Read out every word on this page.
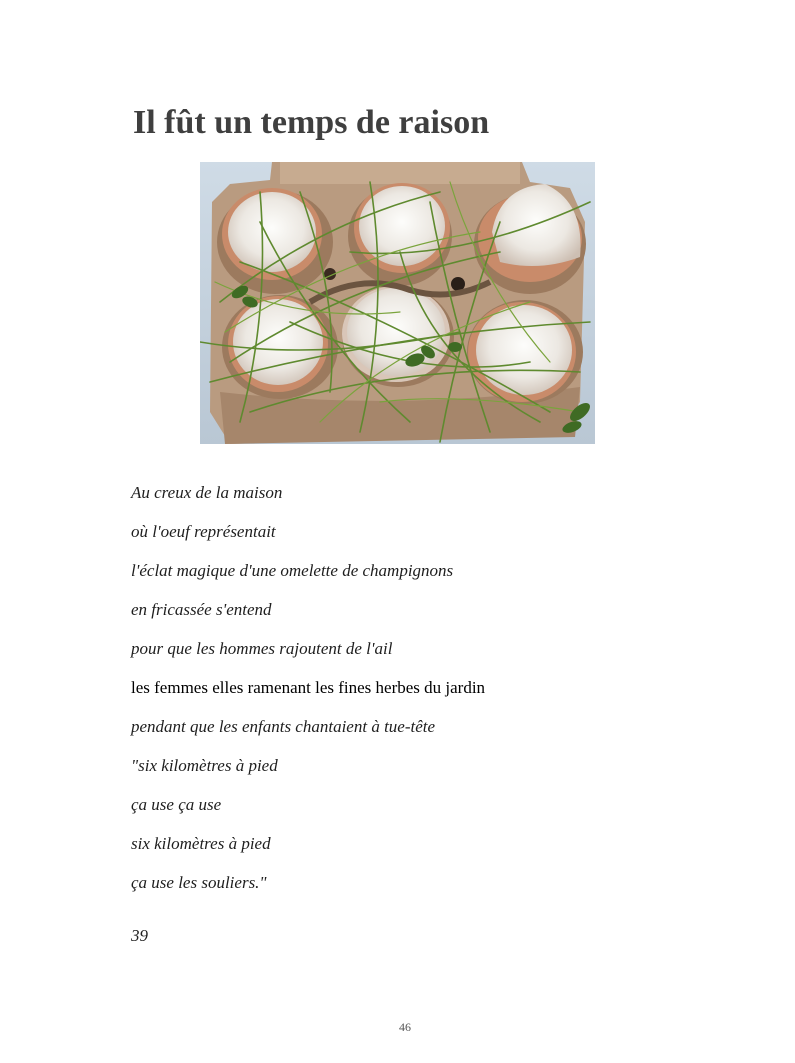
Il fût un temps de raison
Au creux de la maison
où l'oeuf représentait
l'éclat magique d'une omelette de champignons
en fricassée s'entend
pour que les hommes rajoutent de l'ail
les femmes elles ramenant les fines herbes du jardin
pendant que les enfants chantaient à tue-tête
"six kilomètres à pied
ça use ça use
six kilomètres à pied
ça use les souliers."
39
46
